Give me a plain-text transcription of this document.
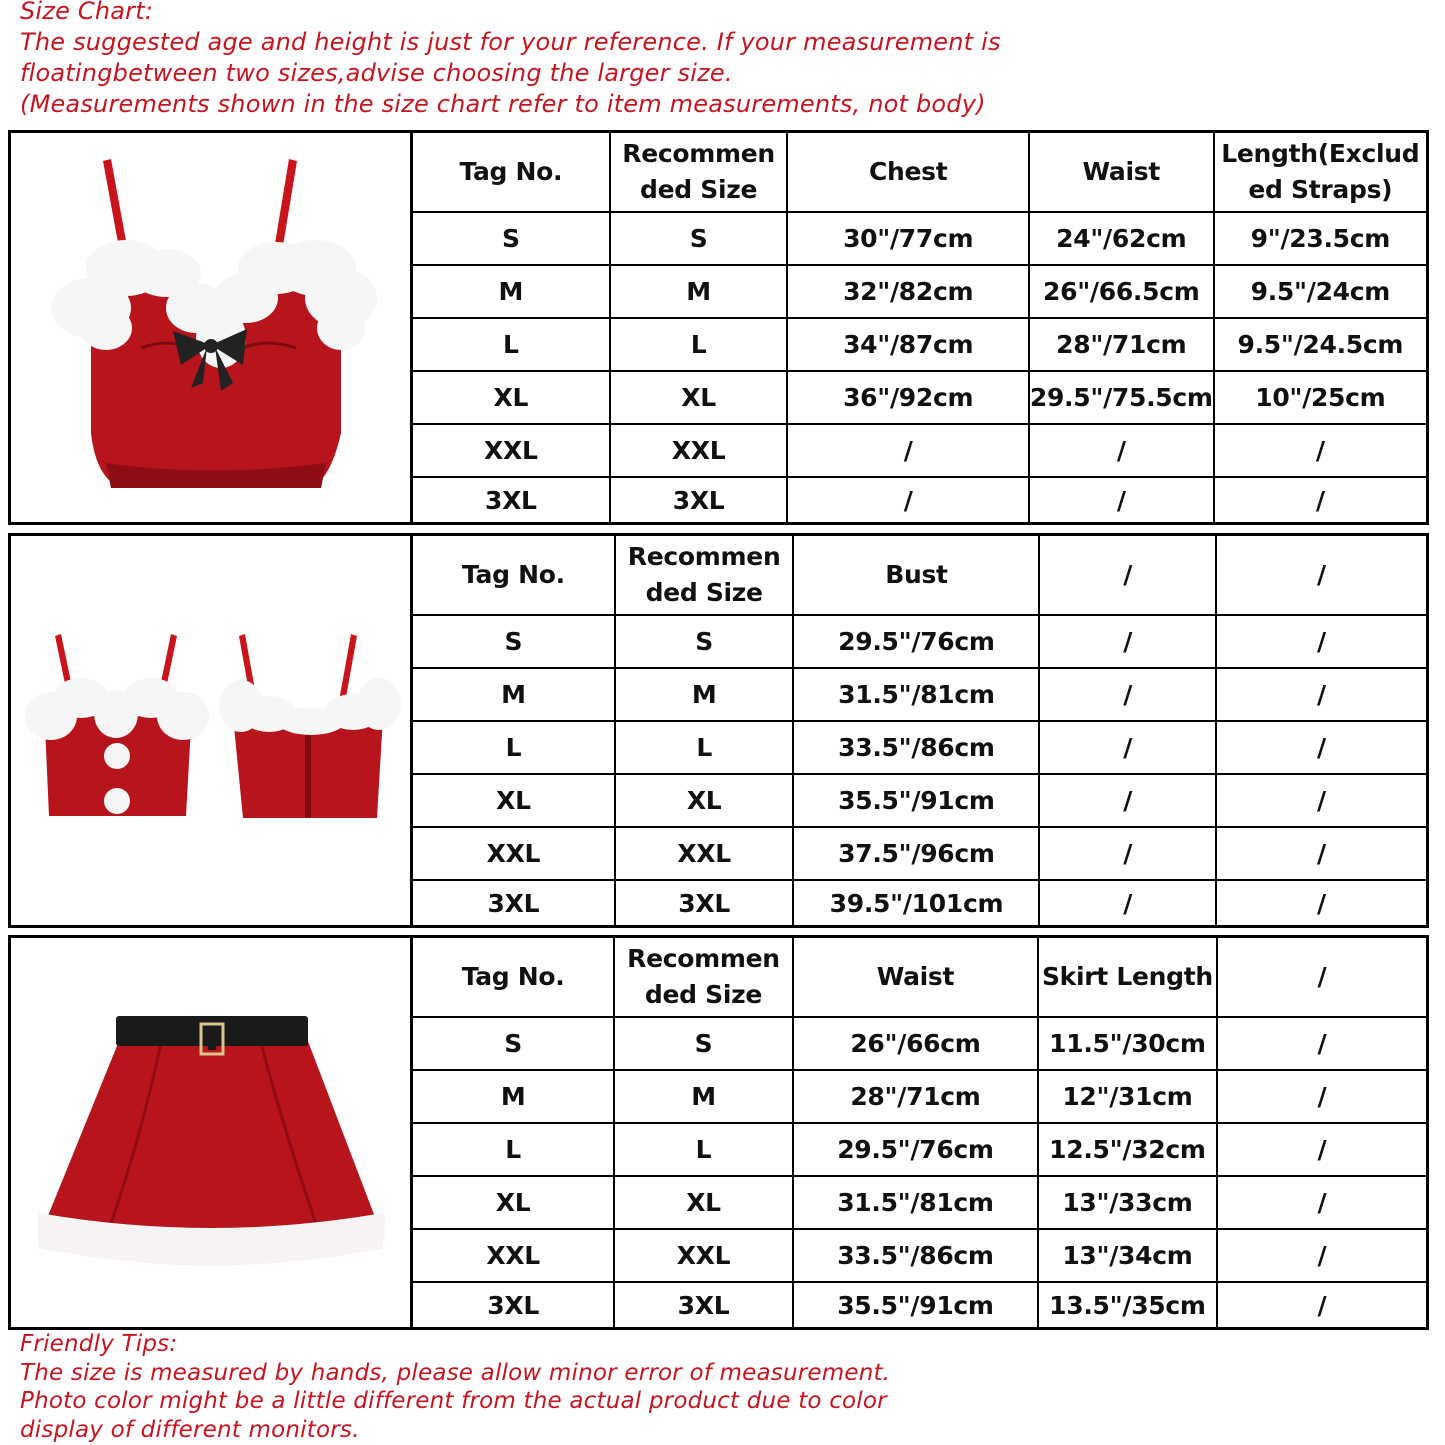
Size Chart:
The suggested age and height is just for your reference. If your measurement is
floatingbetween two sizes,advise choosing the larger size.
(Measurements shown in the size chart refer to item measurements, not body)
Tag No.	Recommen ded Size	Chest	Waist	Length(Exclud ed Straps)
S	S	30"/77cm	24"/62cm	9"/23.5cm
M	M	32"/82cm	26"/66.5cm	9.5"/24cm
L	L	34"/87cm	28"/71cm	9.5"/24.5cm
XL	XL	36"/92cm	29.5"/75.5cm	10"/25cm
XXL	XXL	/	/	/
3XL	3XL	/	/	/
Tag No.	Recommen ded Size	Bust	/	/
S	S	29.5"/76cm	/	/
M	M	31.5"/81cm	/	/
L	L	33.5"/86cm	/	/
XL	XL	35.5"/91cm	/	/
XXL	XXL	37.5"/96cm	/	/
3XL	3XL	39.5"/101cm	/	/
Tag No.	Recommen ded Size	Waist	Skirt Length	/
S	S	26"/66cm	11.5"/30cm	/
M	M	28"/71cm	12"/31cm	/
L	L	29.5"/76cm	12.5"/32cm	/
XL	XL	31.5"/81cm	13"/33cm	/
XXL	XXL	33.5"/86cm	13"/34cm	/
3XL	3XL	35.5"/91cm	13.5"/35cm	/
Friendly Tips:
The size is measured by hands, please allow minor error of measurement.
Photo color might be a little different from the actual product due to color
display of different monitors.
